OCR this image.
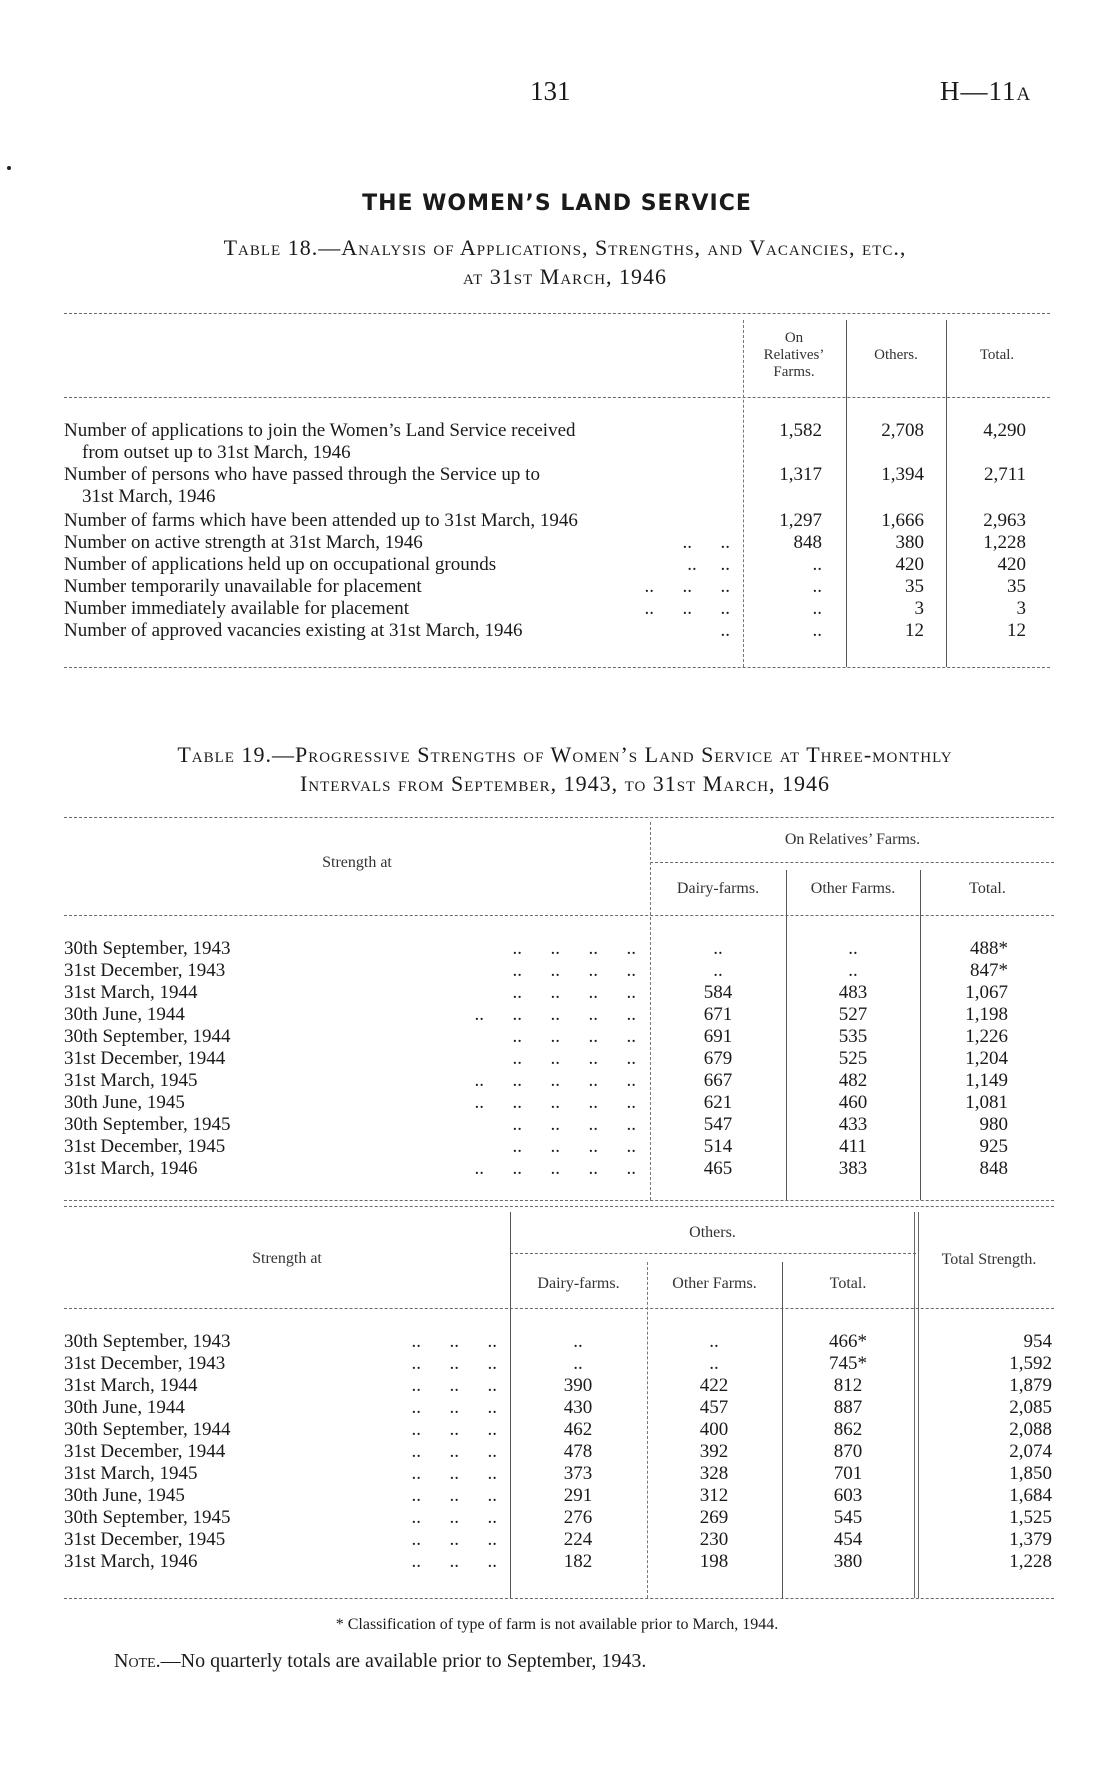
131	H—11A
THE WOMEN’S LAND SERVICE
Table 18.—Analysis of Applications, Strengths, and Vacancies, etc.,
at 31st March, 1946
On
Relatives’
Farms.
Others.	Total.
Number of applications to join the Women’s Land Service received
from outset up to 31st March, 1946
1,582	2,708	4,290
Number of persons who have passed through the Service up to
31st March, 1946
1,317	1,394	2,711
Number of farms which have been attended up to 31st March, 1946	1,297	1,666	2,963
Number on active strength at 31st March, 1946	..      ..	848	380	1,228
Number of applications held up on occupational grounds	..     ..	..	420	420
Number temporarily unavailable for placement	..      ..      ..	..	35	35
Number immediately available for placement	..      ..      ..	..	3	3
Number of approved vacancies existing at 31st March, 1946	..	..	12	12
Table 19.—Progressive Strengths of Women’s Land Service at Three-monthly
Intervals from September, 1943, to 31st March, 1946
Strength at
On Relatives’ Farms.
Dairy-farms.	Other Farms.	Total.
30th September, 1943	..      ..      ..      ..	..	..	488*
31st December, 1943	..      ..      ..      ..	..	..	847*
31st March, 1944	..      ..      ..      ..	584	483	1,067
30th June, 1944	..      ..      ..      ..      ..	671	527	1,198
30th September, 1944	..      ..      ..      ..	691	535	1,226
31st December, 1944	..      ..      ..      ..	679	525	1,204
31st March, 1945	..      ..      ..      ..      ..	667	482	1,149
30th June, 1945	..      ..      ..      ..      ..	621	460	1,081
30th September, 1945	..      ..      ..      ..	547	433	980
31st December, 1945	..      ..      ..      ..	514	411	925
31st March, 1946	..      ..      ..      ..      ..	465	383	848
Strength at
Others.
Dairy-farms.	Other Farms.	Total.
Total Strength.
30th September, 1943	..      ..      ..	..	..	466*	954
31st December, 1943	..      ..      ..	..	..	745*	1,592
31st March, 1944	..      ..      ..	390	422	812	1,879
30th June, 1944	..      ..      ..	430	457	887	2,085
30th September, 1944	..      ..      ..	462	400	862	2,088
31st December, 1944	..      ..      ..	478	392	870	2,074
31st March, 1945	..      ..      ..	373	328	701	1,850
30th June, 1945	..      ..      ..	291	312	603	1,684
30th September, 1945	..      ..      ..	276	269	545	1,525
31st December, 1945	..      ..      ..	224	230	454	1,379
31st March, 1946	..      ..      ..	182	198	380	1,228
* Classification of type of farm is not available prior to March, 1944.
Note.—No quarterly totals are available prior to September, 1943.
